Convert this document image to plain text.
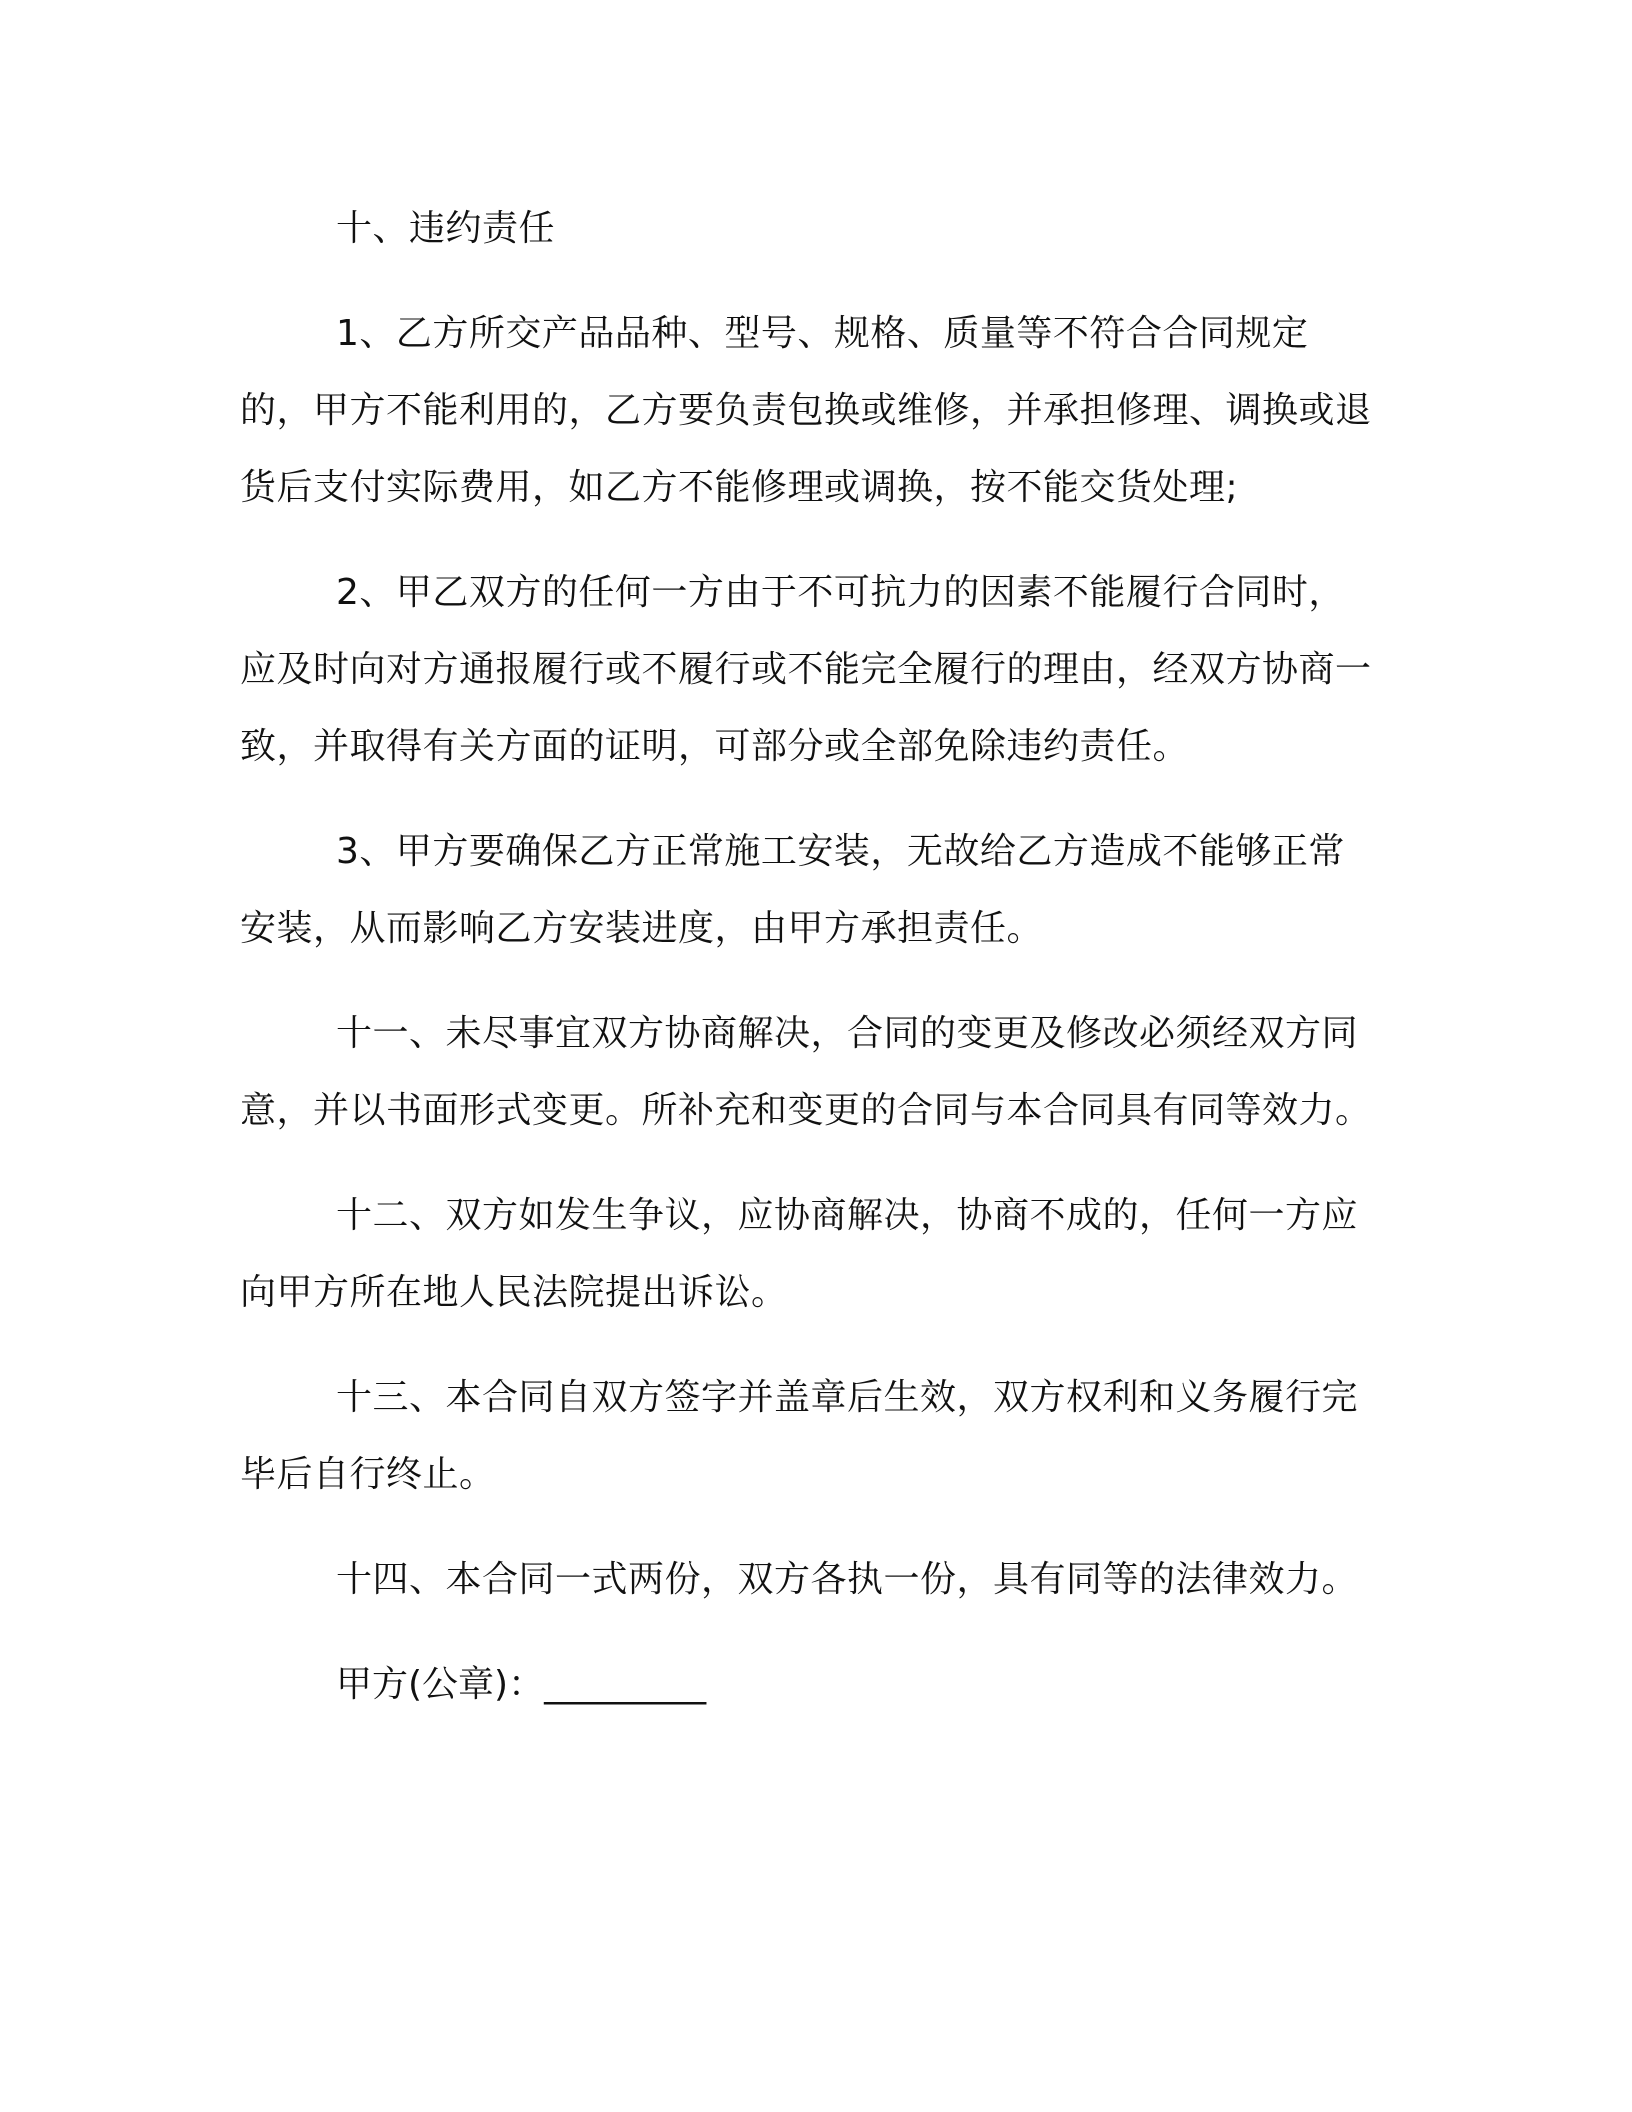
十、违约责任

1、乙方所交产品品种、型号、规格、质量等不符合合同规定的，甲方不能利用的，乙方要负责包换或维修，并承担修理、调换或退货后支付实际费用，如乙方不能修理或调换，按不能交货处理;

2、甲乙双方的任何一方由于不可抗力的因素不能履行合同时，应及时向对方通报履行或不履行或不能完全履行的理由，经双方协商一致，并取得有关方面的证明，可部分或全部免除违约责任。

3、甲方要确保乙方正常施工安装，无故给乙方造成不能够正常安装，从而影响乙方安装进度，由甲方承担责任。

十一、未尽事宜双方协商解决，合同的变更及修改必须经双方同意，并以书面形式变更。所补充和变更的合同与本合同具有同等效力。

十二、双方如发生争议，应协商解决，协商不成的，任何一方应向甲方所在地人民法院提出诉讼。

十三、本合同自双方签字并盖章后生效，双方权利和义务履行完毕后自行终止。

十四、本合同一式两份，双方各执一份，具有同等的法律效力。

甲方(公章)：_________
